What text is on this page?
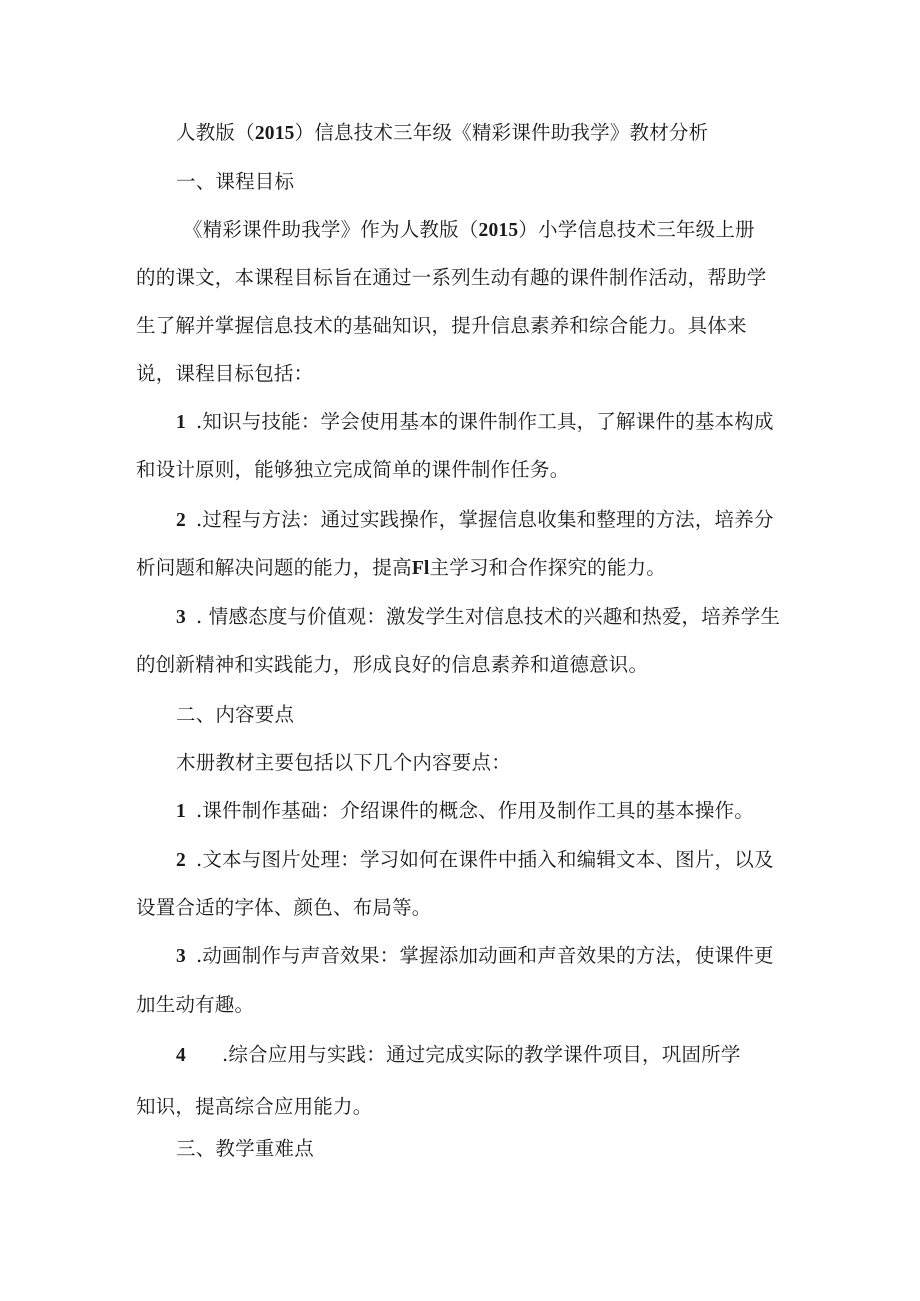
人教版（2015）信息技术三年级《精彩课件助我学》教材分析
一、课程目标
《精彩课件助我学》作为人教版（2015）小学信息技术三年级上册
的的课文，本课程目标旨在通过一系列生动有趣的课件制作活动，帮助学
生了解并掌握信息技术的基础知识，提升信息素养和综合能力。具体来
说，课程目标包括：
1 .知识与技能：学会使用基本的课件制作工具，了解课件的基本构成
和设计原则，能够独立完成简单的课件制作任务。
2 .过程与方法：通过实践操作，掌握信息收集和整理的方法，培养分
析问题和解决问题的能力，提高Fl主学习和合作探究的能力。
3 . 情感态度与价值观：激发学生对信息技术的兴趣和热爱，培养学生
的创新精神和实践能力，形成良好的信息素养和道德意识。
二、内容要点
木册教材主要包括以下几个内容要点：
1 .课件制作基础：介绍课件的概念、作用及制作工具的基本操作。
2 .文本与图片处理：学习如何在课件中插入和编辑文本、图片，以及
设置合适的字体、颜色、布局等。
3 .动画制作与声音效果：掌握添加动画和声音效果的方法，使课件更
加生动有趣。
4 .综合应用与实践：通过完成实际的教学课件项目，巩固所学
知识，提高综合应用能力。
三、教学重难点
